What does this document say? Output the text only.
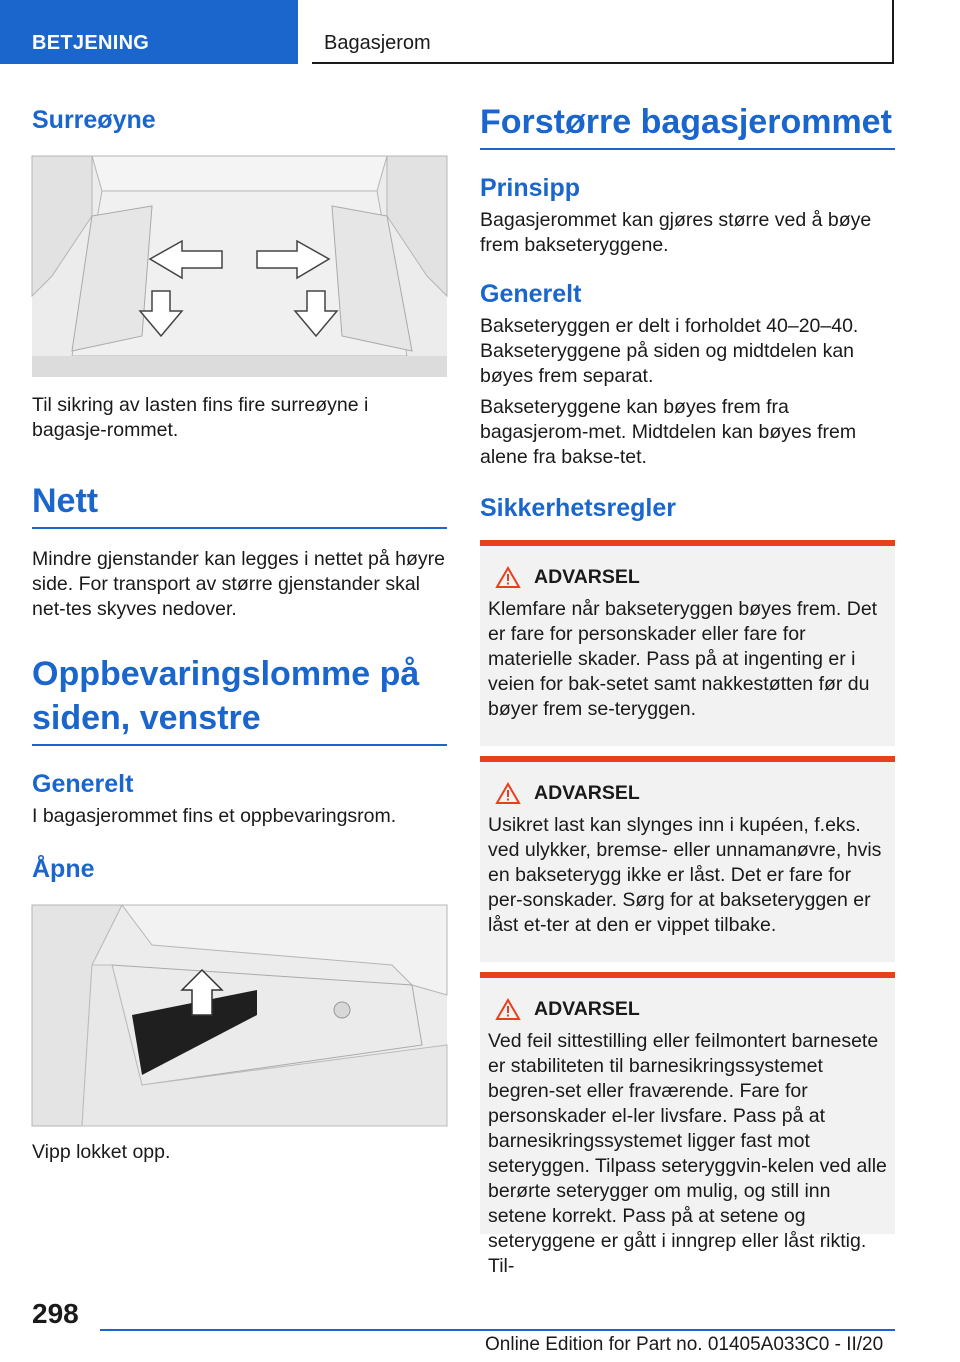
BETJENING	Bagasjerom
Surreøyne

Til sikring av lasten fins fire surreøyne i bagasje-rommet.

Nett

Mindre gjenstander kan legges i nettet på høyre side. For transport av større gjenstander skal net-tes skyves nedover.

Oppbevaringslomme på siden, venstre
Generelt

I bagasjerommet fins et oppbevaringsrom.

Åpne

Vipp lokket opp.

Forstørre bagasjerommet
Prinsipp

Bagasjerommet kan gjøres større ved å bøye frem bakseteryggene.

Generelt

Bakseteryggen er delt i forholdet 40–20–40. Bakseteryggene på siden og midtdelen kan bøyes frem separat.

Bakseteryggene kan bøyes frem fra bagasjerom-met. Midtdelen kan bøyes frem alene fra bakse-tet.

Sikkerhetsregler
ADVARSEL

Klemfare når bakseteryggen bøyes frem. Det er fare for personskader eller fare for materielle skader. Pass på at ingenting er i veien for bak-setet samt nakkestøtten før du bøyer frem se-teryggen.

ADVARSEL

Usikret last kan slynges inn i kupéen, f.eks. ved ulykker, bremse- eller unnamanøvre, hvis en baksetery​gg ikke er låst. Det er fare for per-sonskader. Sørg for at bakseteryggen er låst et-ter at den er vippet tilbake.

ADVARSEL

Ved feil sittestilling eller feilmontert barnesete er stabiliteten til barnesikringssystemet begren-set eller fraværende. Fare for personskader el-ler livsfare. Pass på at barnesikringssystemet ligger fast mot seteryggen. Tilpass seteryggvin-kelen ved alle berørte seterygger om mulig, og still inn setene korrekt. Pass på at setene og seteryggene er gått i inngrep eller låst riktig. Til-

298
Online Edition for Part no. 01405A033C0 - II/20
